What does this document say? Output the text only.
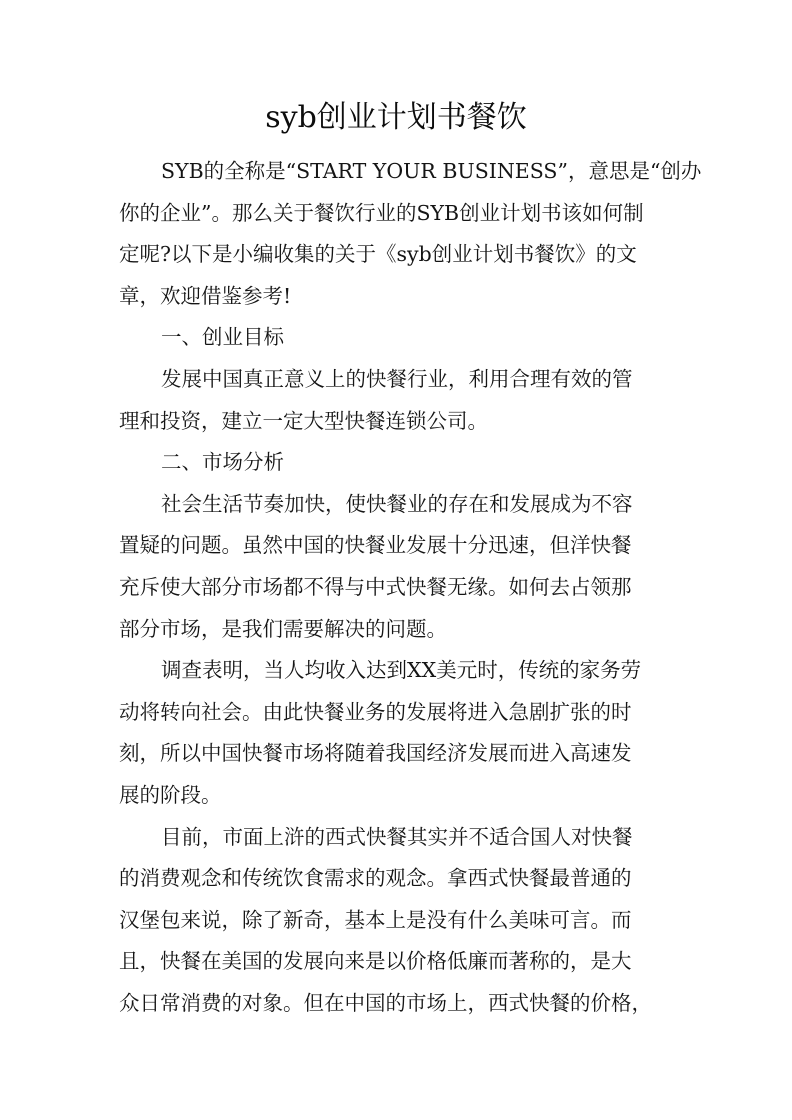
syb创业计划书餐饮
SYB的全称是“START YOUR BUSINESS”，意思是“创办
你的企业”。那么关于餐饮行业的SYB创业计划书该如何制
定呢?以下是小编收集的关于《syb创业计划书餐饮》的文
章，欢迎借鉴参考!
一、创业目标
发展中国真正意义上的快餐行业，利用合理有效的管
理和投资，建立一定大型快餐连锁公司。
二、市场分析
社会生活节奏加快，使快餐业的存在和发展成为不容
置疑的问题。虽然中国的快餐业发展十分迅速，但洋快餐
充斥使大部分市场都不得与中式快餐无缘。如何去占领那
部分市场，是我们需要解决的问题。
调查表明，当人均收入达到XX美元时，传统的家务劳
动将转向社会。由此快餐业务的发展将进入急剧扩张的时
刻，所以中国快餐市场将随着我国经济发展而进入高速发
展的阶段。
目前，市面上浒的西式快餐其实并不适合国人对快餐
的消费观念和传统饮食需求的观念。拿西式快餐最普通的
汉堡包来说，除了新奇，基本上是没有什么美味可言。而
且，快餐在美国的发展向来是以价格低廉而著称的，是大
众日常消费的对象。但在中国的市场上，西式快餐的价格，
